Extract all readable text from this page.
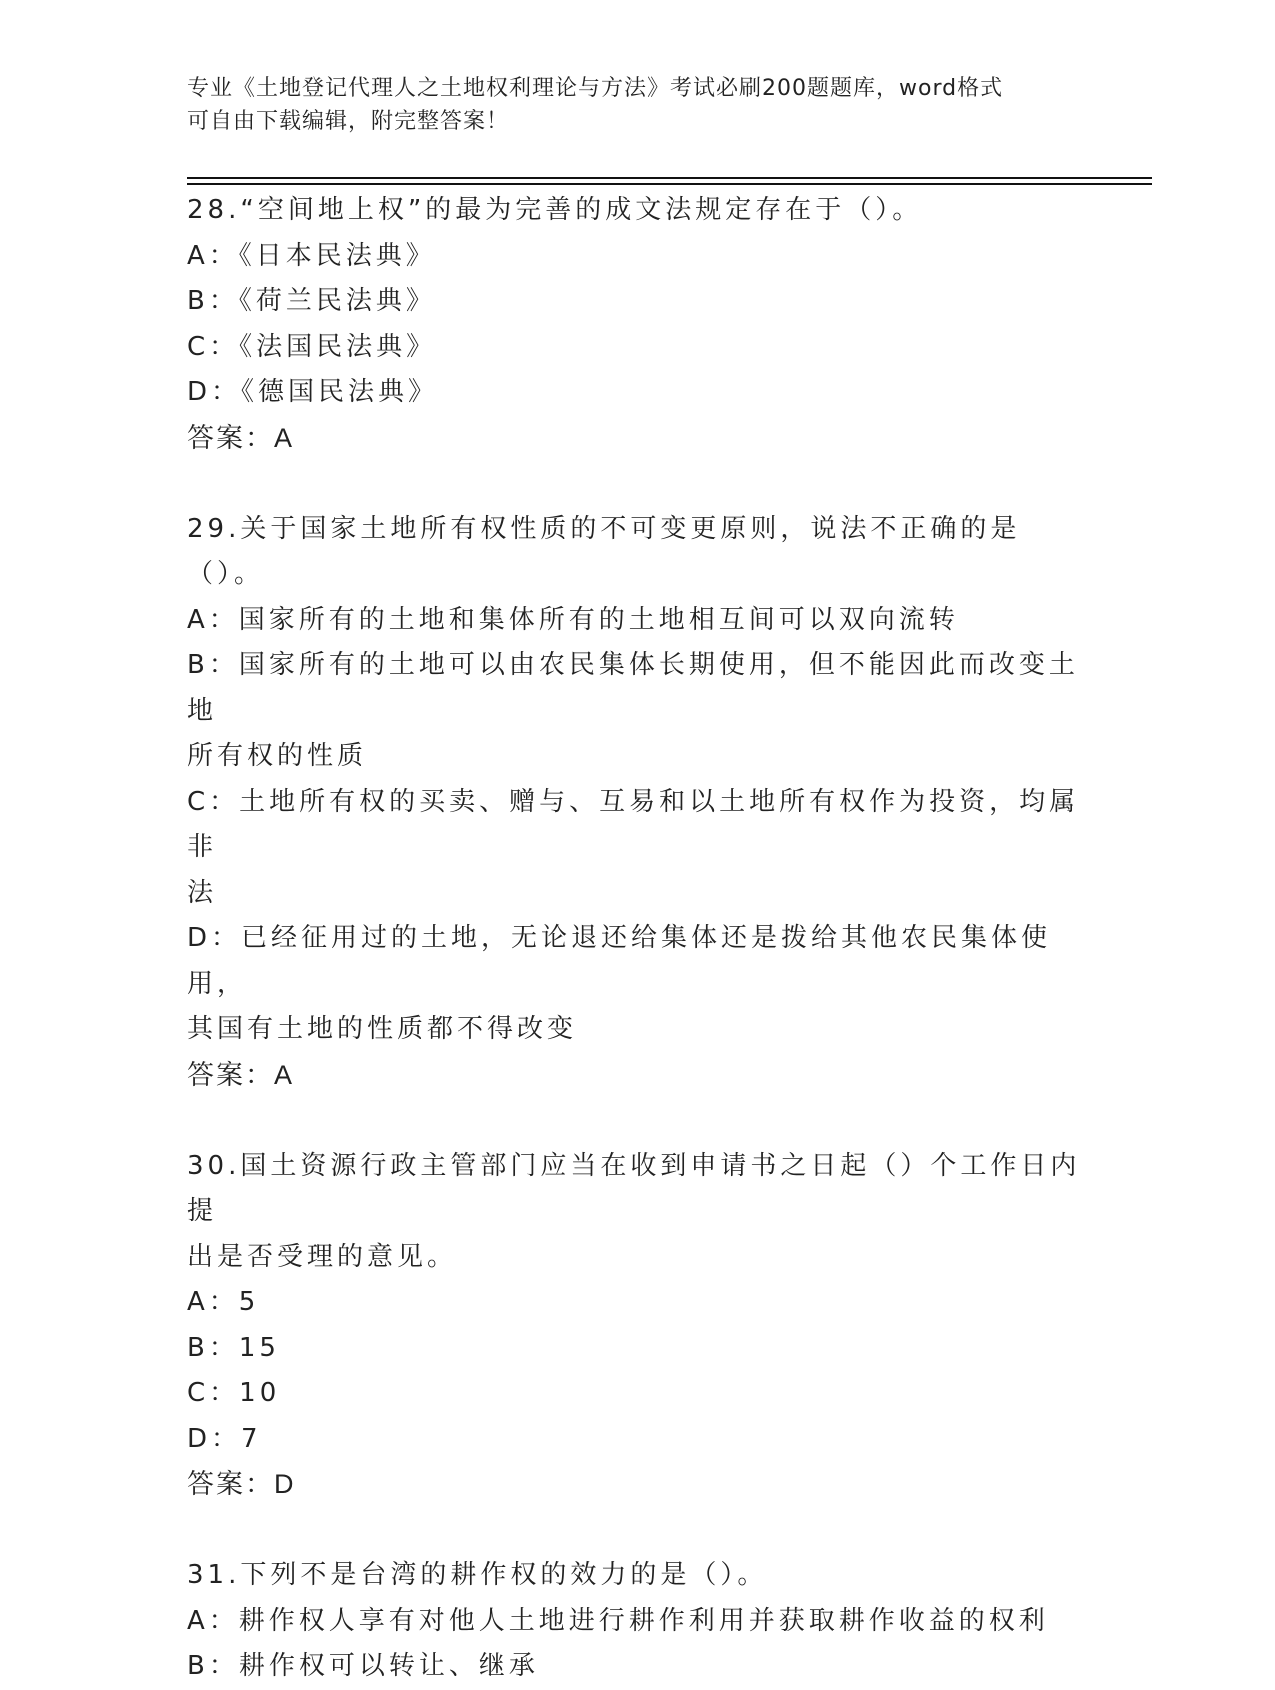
专业《土地登记代理人之土地权利理论与方法》考试必刷200题题库，word格式
可自由下载编辑，附完整答案！
28.“空间地上权”的最为完善的成文法规定存在于（）。
A：《日本民法典》
B：《荷兰民法典》
C：《法国民法典》
D：《德国民法典》
答案：A
29.关于国家土地所有权性质的不可变更原则，说法不正确的是（）。
A：国家所有的土地和集体所有的土地相互间可以双向流转
B：国家所有的土地可以由农民集体长期使用，但不能因此而改变土地
所有权的性质
C：土地所有权的买卖、赠与、互易和以土地所有权作为投资，均属非
法
D：已经征用过的土地，无论退还给集体还是拨给其他农民集体使用，
其国有土地的性质都不得改变
答案：A
30.国土资源行政主管部门应当在收到申请书之日起（）个工作日内提
出是否受理的意见。
A：5
B：15
C：10
D：7
答案：D
31.下列不是台湾的耕作权的效力的是（）。
A：耕作权人享有对他人土地进行耕作利用并获取耕作收益的权利
B：耕作权可以转让、继承
